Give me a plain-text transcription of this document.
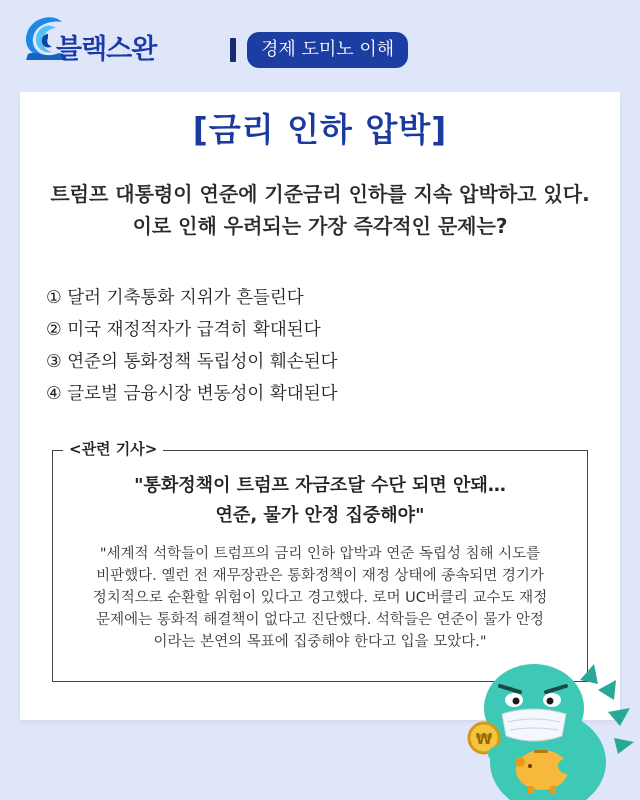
블랙스완	경제 도미노 이해
[금리 인하 압박]
트럼프 대통령이 연준에 기준금리 인하를 지속 압박하고 있다.
이로 인해 우려되는 가장 즉각적인 문제는?
① 달러 기축통화 지위가 흔들린다
② 미국 재정적자가 급격히 확대된다
③ 연준의 통화정책 독립성이 훼손된다
④ 글로벌 금융시장 변동성이 확대된다
<관련 기사>
"통화정책이 트럼프 자금조달 수단 되면 안돼…
연준, 물가 안정 집중해야"
"세계적 석학들이 트럼프의 금리 인하 압박과 연준 독립성 침해 시도를
비판했다. 옐런 전 재무장관은 통화정책이 재정 상태에 종속되면 경기가
정치적으로 순환할 위험이 있다고 경고했다. 로머 UC버클리 교수도 재정
문제에는 통화적 해결책이 없다고 진단했다. 석학들은 연준이 물가 안정
이라는 본연의 목표에 집중해야 한다고 입을 모았다."
₩
